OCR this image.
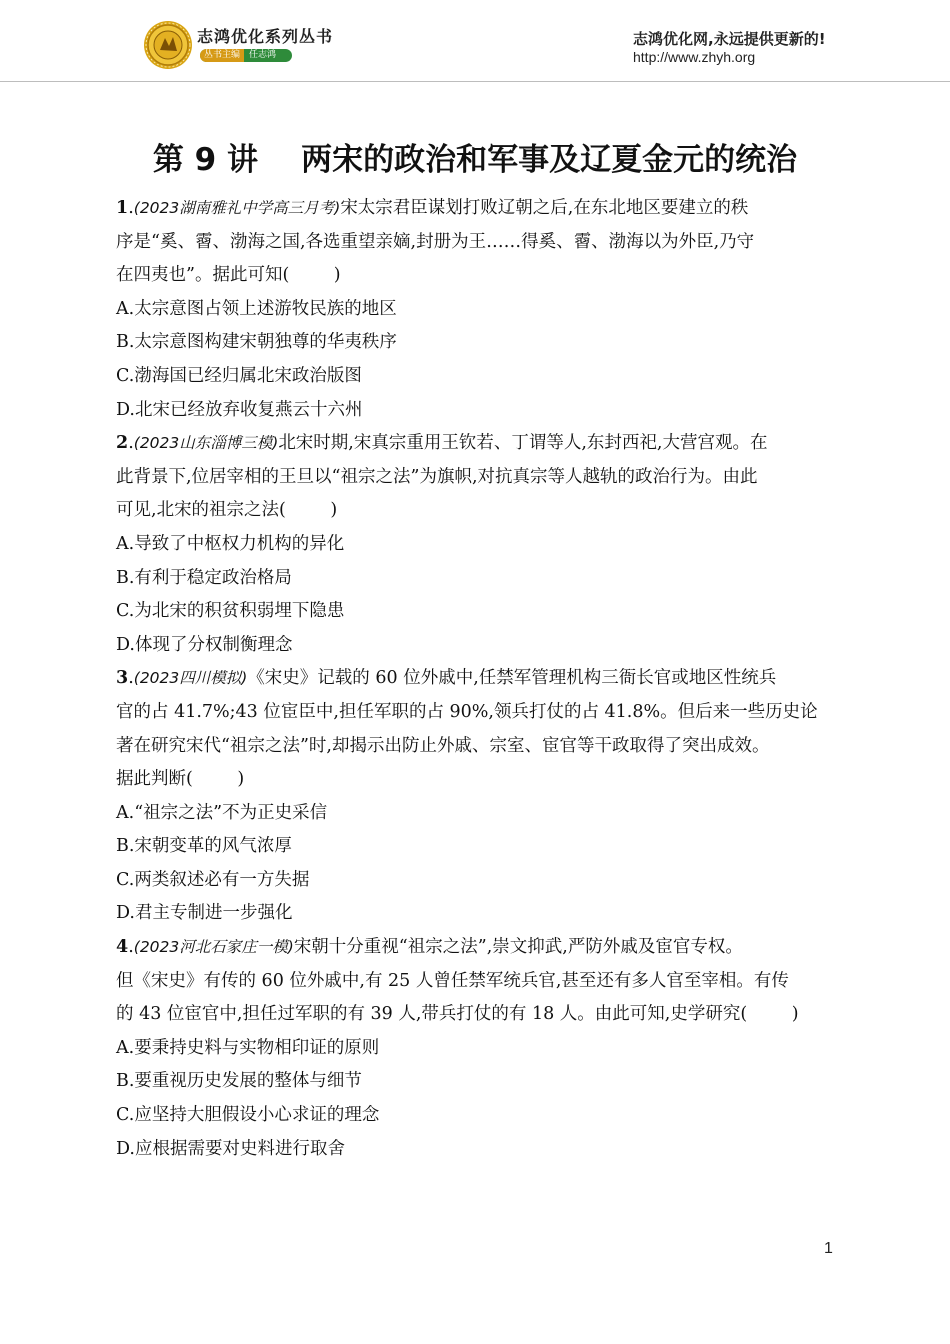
志鸿优化系列丛书
丛书主编	任志鸿
志鸿优化网,永远提供更新的!
http://www.zhyh.org
第 9 讲    两宋的政治和军事及辽夏金元的统治
1.(2023湖南雅礼中学高三月考)宋太宗君臣谋划打败辽朝之后,在东北地区要建立的秩
序是“奚、霫、渤海之国,各选重望亲嫡,封册为王……得奚、霫、渤海以为外臣,乃守
在四夷也”。据此可知(        )
A.太宗意图占领上述游牧民族的地区
B.太宗意图构建宋朝独尊的华夷秩序
C.渤海国已经归属北宋政治版图
D.北宋已经放弃收复燕云十六州
2.(2023山东淄博三模)北宋时期,宋真宗重用王钦若、丁谓等人,东封西祀,大营宫观。在
此背景下,位居宰相的王旦以“祖宗之法”为旗帜,对抗真宗等人越轨的政治行为。由此
可见,北宋的祖宗之法(        )
A.导致了中枢权力机构的异化
B.有利于稳定政治格局
C.为北宋的积贫积弱埋下隐患
D.体现了分权制衡理念
3.(2023四川模拟)《宋史》记载的 60 位外戚中,任禁军管理机构三衙长官或地区性统兵
官的占 41.7%;43 位宦臣中,担任军职的占 90%,领兵打仗的占 41.8%。但后来一些历史论
著在研究宋代“祖宗之法”时,却揭示出防止外戚、宗室、宦官等干政取得了突出成效。
据此判断(        )
A.“祖宗之法”不为正史采信
B.宋朝变革的风气浓厚
C.两类叙述必有一方失据
D.君主专制进一步强化
4.(2023河北石家庄一模)宋朝十分重视“祖宗之法”,崇文抑武,严防外戚及宦官专权。
但《宋史》有传的 60 位外戚中,有 25 人曾任禁军统兵官,甚至还有多人官至宰相。有传
的 43 位宦官中,担任过军职的有 39 人,带兵打仗的有 18 人。由此可知,史学研究(        )
A.要秉持史料与实物相印证的原则
B.要重视历史发展的整体与细节
C.应坚持大胆假设小心求证的理念
D.应根据需要对史料进行取舍
1
